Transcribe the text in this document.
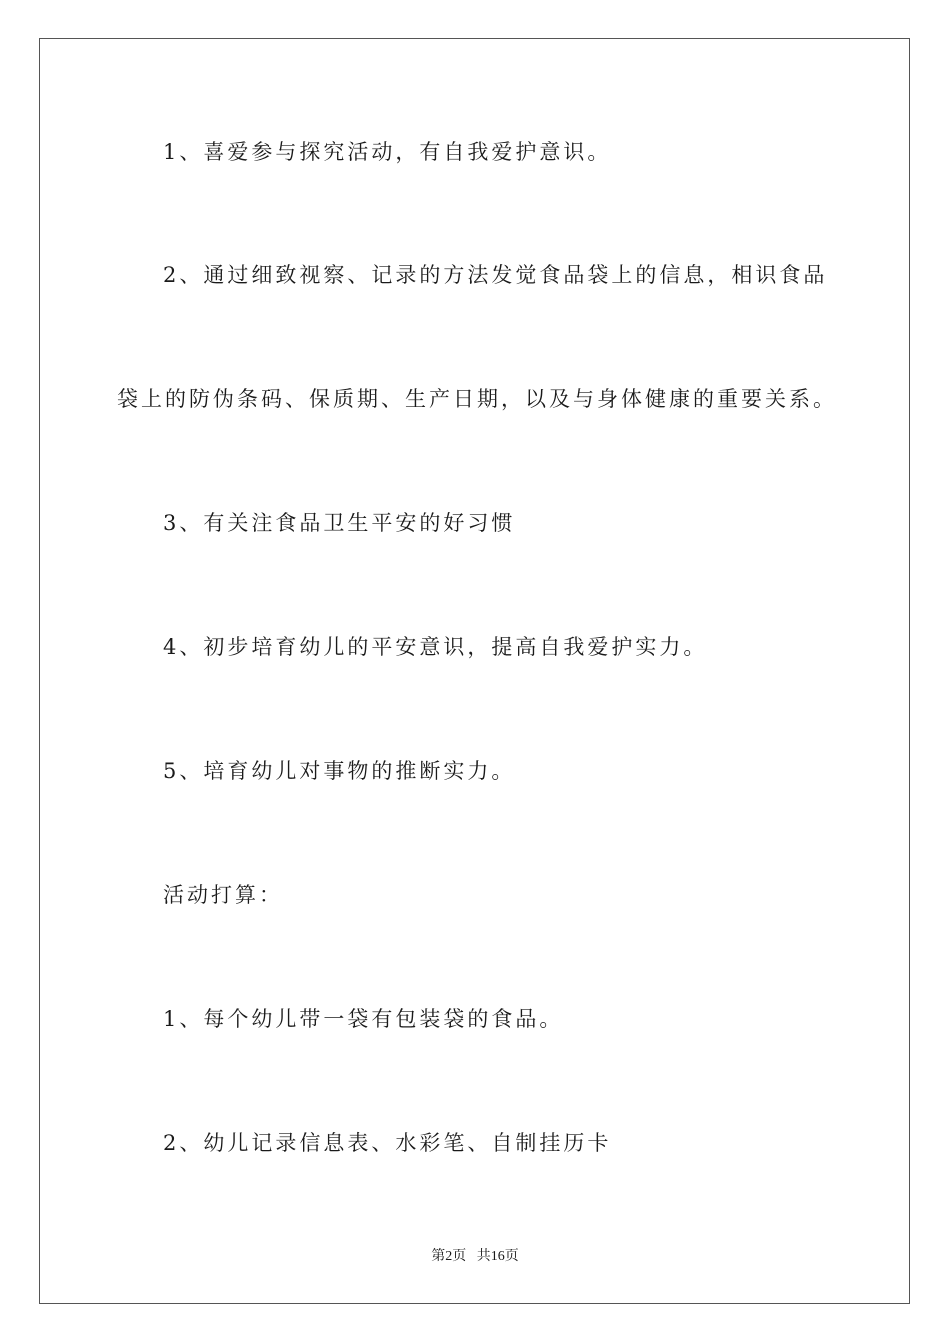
1、喜爱参与探究活动，有自我爱护意识。

2、通过细致视察、记录的方法发觉食品袋上的信息，相识食品

袋上的防伪条码、保质期、生产日期，以及与身体健康的重要关系。

3、有关注食品卫生平安的好习惯

4、初步培育幼儿的平安意识，提高自我爱护实力。

5、培育幼儿对事物的推断实力。

活动打算：

1、每个幼儿带一袋有包装袋的食品。

2、幼儿记录信息表、水彩笔、自制挂历卡

第2页   共16页
